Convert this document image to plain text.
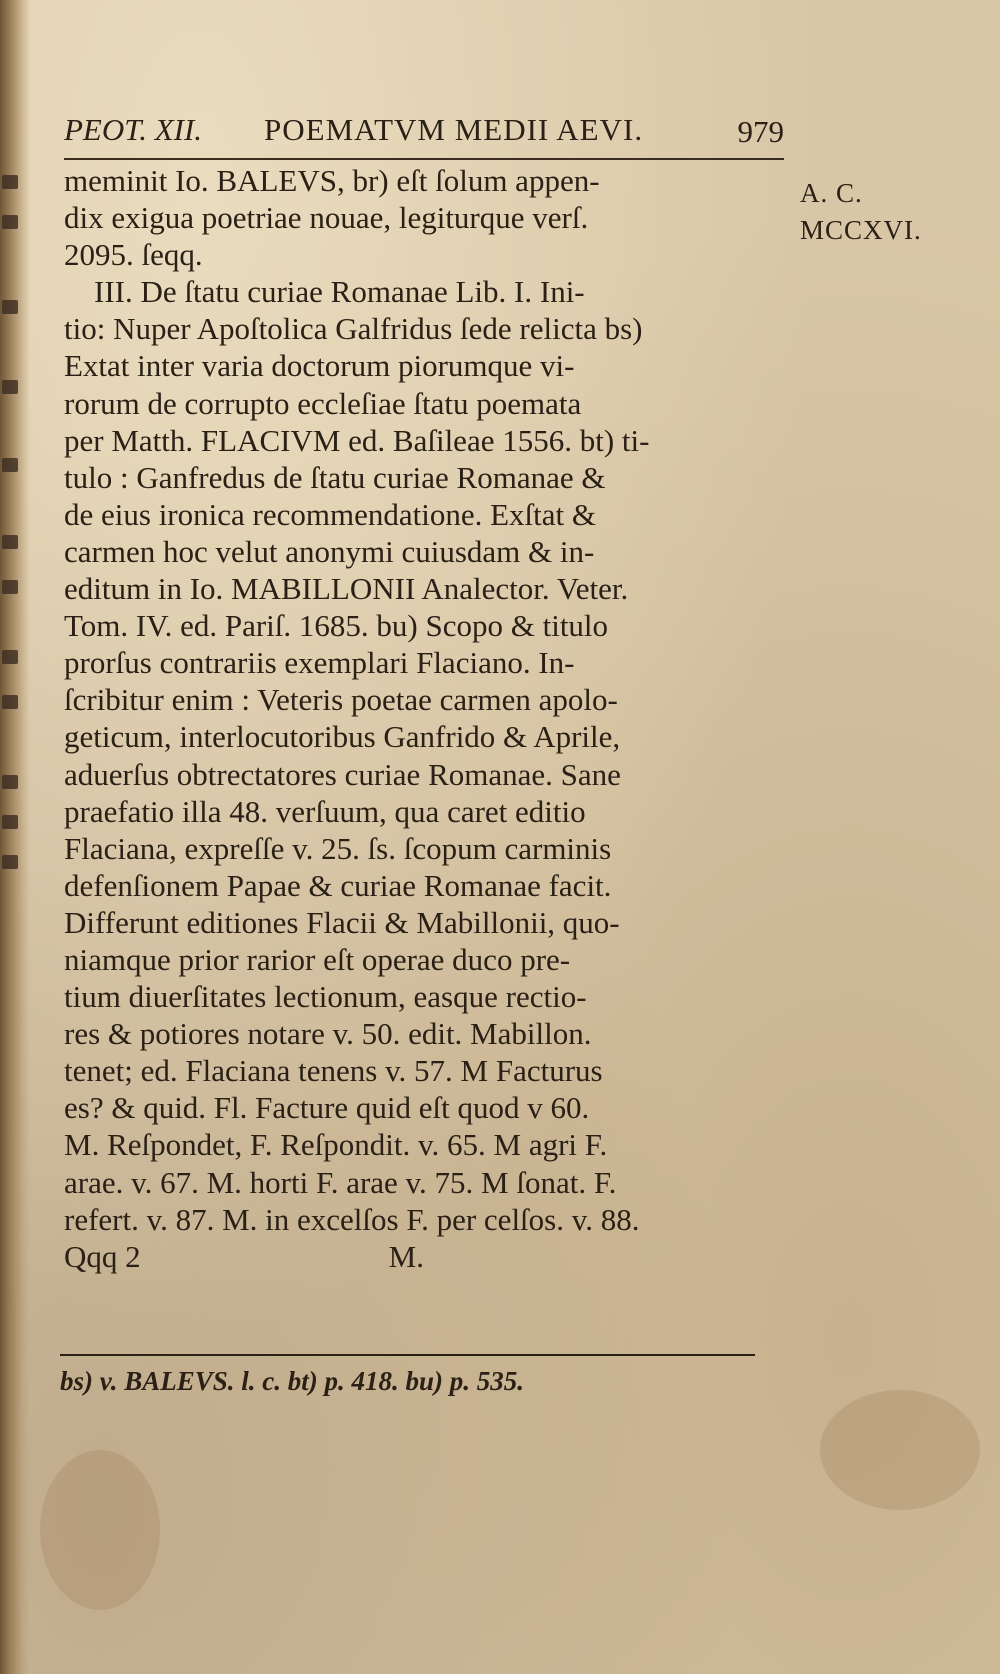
PEOT. XII. POEMATVM MEDII AEVI.	979
A. C.
MCCXVI.
meminit Io. BALEVS, br) eſt ſolum appen-
dix exigua poetriae nouae, legiturque verſ.
2095. ſeqq.
III. De ſtatu curiae Romanae Lib. I. Ini-
tio: Nuper Apoſtolica Galfridus ſede relicta bs)
Extat inter varia doctorum piorumque vi-
rorum de corrupto eccleſiae ſtatu poemata
per Matth. FLACIVM ed. Baſileae 1556. bt) ti-
tulo : Ganfredus de ſtatu curiae Romanae &
de eius ironica recommendatione. Exſtat &
carmen hoc velut anonymi cuiusdam & in-
editum in Io. MABILLONII Analector. Veter.
Tom. IV. ed. Pariſ. 1685. bu) Scopo & titulo
prorſus contrariis exemplari Flaciano. In-
ſcribitur enim : Veteris poetae carmen apolo-
geticum, interlocutoribus Ganfrido & Aprile,
aduerſus obtrectatores curiae Romanae. Sane
praefatio illa 48. verſuum, qua caret editio
Flaciana, expreſſe v. 25. ſs. ſcopum carminis
defenſionem Papae & curiae Romanae facit.
Differunt editiones Flacii & Mabillonii, quo-
niamque prior rarior eſt operae duco pre-
tium diuerſitates lectionum, easque rectio-
res & potiores notare v. 50. edit. Mabillon.
tenet; ed. Flaciana tenens v. 57. M Facturus
es? & quid. Fl. Facture quid eſt quod v 60.
M. Reſpondet, F. Reſpondit. v. 65. M agri F.
arae. v. 67. M. horti F. arae v. 75. M ſonat. F.
refert. v. 87. M. in excelſos F. per celſos. v. 88.
Qqq 2                                M.
bs) v. BALEVS. l. c. bt) p. 418. bu) p. 535.
